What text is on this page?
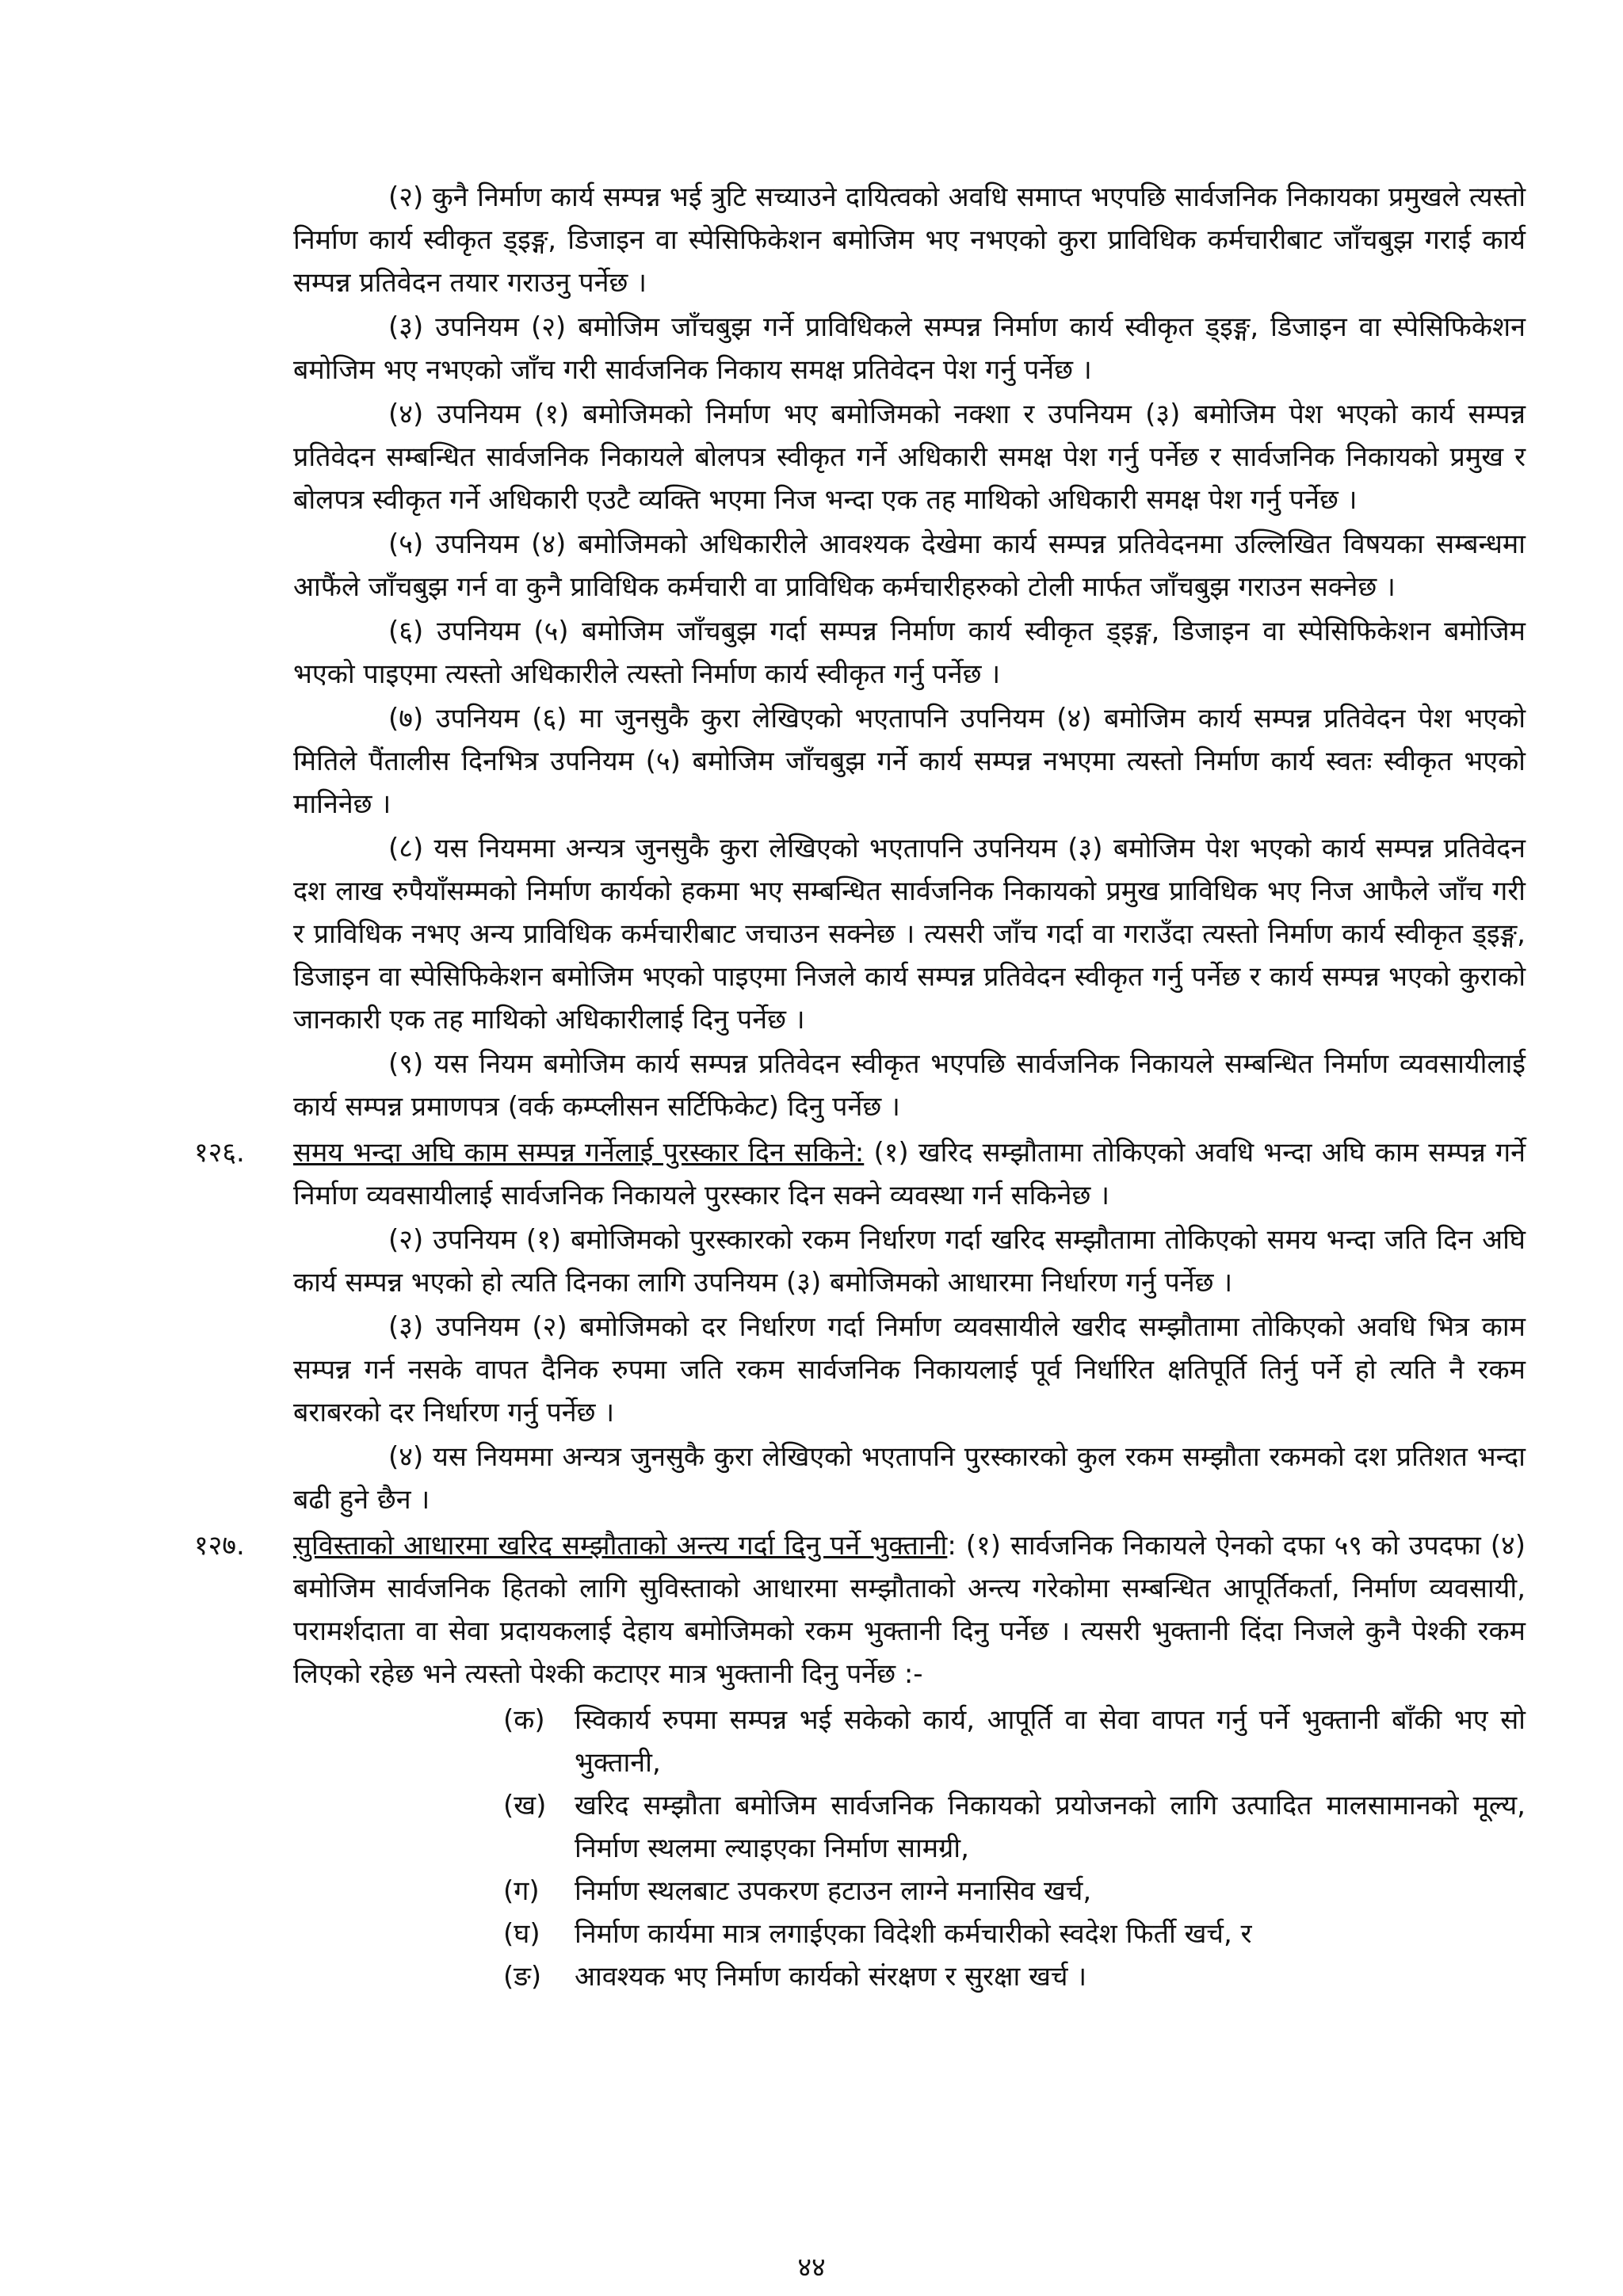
(२) कुनै निर्माण कार्य सम्पन्न भई त्रुटि सच्याउने दायित्वको अवधि समाप्त भएपछि सार्वजनिक निकायका प्रमुखले त्यस्तो निर्माण कार्य स्वीकृत ड्इङ्ग, डिजाइन वा स्पेसिफिकेशन बमोजिम भए नभएको कुरा प्राविधिक कर्मचारीबाट जाँचबुझ गराई कार्य सम्पन्न प्रतिवेदन तयार गराउनु पर्नेछ ।

(३) उपनियम (२) बमोजिम जाँचबुझ गर्ने प्राविधिकले सम्पन्न निर्माण कार्य स्वीकृत ड्इङ्ग, डिजाइन वा स्पेसिफिकेशन बमोजिम भए नभएको जाँच गरी सार्वजनिक निकाय समक्ष प्रतिवेदन पेश गर्नु पर्नेछ ।

(४) उपनियम (१) बमोजिमको निर्माण भए बमोजिमको नक्शा र उपनियम (३) बमोजिम पेश भएको कार्य सम्पन्न प्रतिवेदन सम्बन्धित सार्वजनिक निकायले बोलपत्र स्वीकृत गर्ने अधिकारी समक्ष पेश गर्नु पर्नेछ र सार्वजनिक निकायको प्रमुख र बोलपत्र स्वीकृत गर्ने अधिकारी एउटै व्यक्ति भएमा निज भन्दा एक तह माथिको अधिकारी समक्ष पेश गर्नु पर्नेछ ।

(५) उपनियम (४) बमोजिमको अधिकारीले आवश्यक देखेमा कार्य सम्पन्न प्रतिवेदनमा उल्लिखित विषयका सम्बन्धमा आफैंले जाँचबुझ गर्न वा कुनै प्राविधिक कर्मचारी वा प्राविधिक कर्मचारीहरुको टोली मार्फत जाँचबुझ गराउन सक्नेछ ।

(६) उपनियम (५) बमोजिम जाँचबुझ गर्दा सम्पन्न निर्माण कार्य स्वीकृत ड्इङ्ग, डिजाइन वा स्पेसिफिकेशन बमोजिम भएको पाइएमा त्यस्तो अधिकारीले त्यस्तो निर्माण कार्य स्वीकृत गर्नु पर्नेछ ।

(७) उपनियम (६) मा जुनसुकै कुरा लेखिएको भएतापनि उपनियम (४) बमोजिम कार्य सम्पन्न प्रतिवेदन पेश भएको मितिले पैंतालीस दिनभित्र उपनियम (५) बमोजिम जाँचबुझ गर्ने कार्य सम्पन्न नभएमा त्यस्तो निर्माण कार्य स्वतः स्वीकृत भएको मानिनेछ ।

(८) यस नियममा अन्यत्र जुनसुकै कुरा लेखिएको भएतापनि उपनियम (३) बमोजिम पेश भएको कार्य सम्पन्न प्रतिवेदन दश लाख रुपैयाँसम्मको निर्माण कार्यको हकमा भए सम्बन्धित सार्वजनिक निकायको प्रमुख प्राविधिक भए निज आफैले जाँच गरी र प्राविधिक नभए अन्य प्राविधिक कर्मचारीबाट जचाउन सक्नेछ । त्यसरी जाँच गर्दा वा गराउँदा त्यस्तो निर्माण कार्य स्वीकृत ड्इङ्ग, डिजाइन वा स्पेसिफिकेशन बमोजिम भएको पाइएमा निजले कार्य सम्पन्न प्रतिवेदन स्वीकृत गर्नु पर्नेछ र कार्य सम्पन्न भएको कुराको जानकारी एक तह माथिको अधिकारीलाई दिनु पर्नेछ ।

(९) यस नियम बमोजिम कार्य सम्पन्न प्रतिवेदन स्वीकृत भएपछि सार्वजनिक निकायले सम्बन्धित निर्माण व्यवसायीलाई कार्य सम्पन्न प्रमाणपत्र (वर्क कम्प्लीसन सर्टिफिकेट) दिनु पर्नेछ ।

१२६. समय भन्दा अघि काम सम्पन्न गर्नेलाई पुरस्कार दिन सकिने: (१) खरिद सम्झौतामा तोकिएको अवधि भन्दा अघि काम सम्पन्न गर्ने निर्माण व्यवसायीलाई सार्वजनिक निकायले पुरस्कार दिन सक्ने व्यवस्था गर्न सकिनेछ ।

(२) उपनियम (१) बमोजिमको पुरस्कारको रकम निर्धारण गर्दा खरिद सम्झौतामा तोकिएको समय भन्दा जति दिन अघि कार्य सम्पन्न भएको हो त्यति दिनका लागि उपनियम (३) बमोजिमको आधारमा निर्धारण गर्नु पर्नेछ ।

(३) उपनियम (२) बमोजिमको दर निर्धारण गर्दा निर्माण व्यवसायीले खरीद सम्झौतामा तोकिएको अवधि भित्र काम सम्पन्न गर्न नसके वापत दैनिक रुपमा जति रकम सार्वजनिक निकायलाई पूर्व निर्धारित क्षतिपूर्ति तिर्नु पर्ने हो त्यति नै रकम बराबरको दर निर्धारण गर्नु पर्नेछ ।

(४) यस नियममा अन्यत्र जुनसुकै कुरा लेखिएको भएतापनि पुरस्कारको कुल रकम सम्झौता रकमको दश प्रतिशत भन्दा बढी हुने छैन ।

१२७. सुविस्ताको आधारमा खरिद सम्झौताको अन्त्य गर्दा दिनु पर्ने भुक्तानी: (१) सार्वजनिक निकायले ऐनको दफा ५९ को उपदफा (४) बमोजिम सार्वजनिक हितको लागि सुविस्ताको आधारमा सम्झौताको अन्त्य गरेकोमा सम्बन्धित आपूर्तिकर्ता, निर्माण व्यवसायी, परामर्शदाता वा सेवा प्रदायकलाई देहाय बमोजिमको रकम भुक्तानी दिनु पर्नेछ । त्यसरी भुक्तानी दिंदा निजले कुनै पेश्की रकम लिएको रहेछ भने त्यस्तो पेश्की कटाएर मात्र भुक्तानी दिनु पर्नेछ :-

(क) स्विकार्य रुपमा सम्पन्न भई सकेको कार्य, आपूर्ति वा सेवा वापत गर्नु पर्ने भुक्तानी बाँकी भए सो भुक्तानी,
(ख) खरिद सम्झौता बमोजिम सार्वजनिक निकायको प्रयोजनको लागि उत्पादित मालसामानको मूल्य, निर्माण स्थलमा ल्याइएका निर्माण सामग्री,
(ग) निर्माण स्थलबाट उपकरण हटाउन लाग्ने मनासिव खर्च,
(घ) निर्माण कार्यमा मात्र लगाईएका विदेशी कर्मचारीको स्वदेश फिर्ती खर्च, र
(ङ) आवश्यक भए निर्माण कार्यको संरक्षण र सुरक्षा खर्च ।
४४
